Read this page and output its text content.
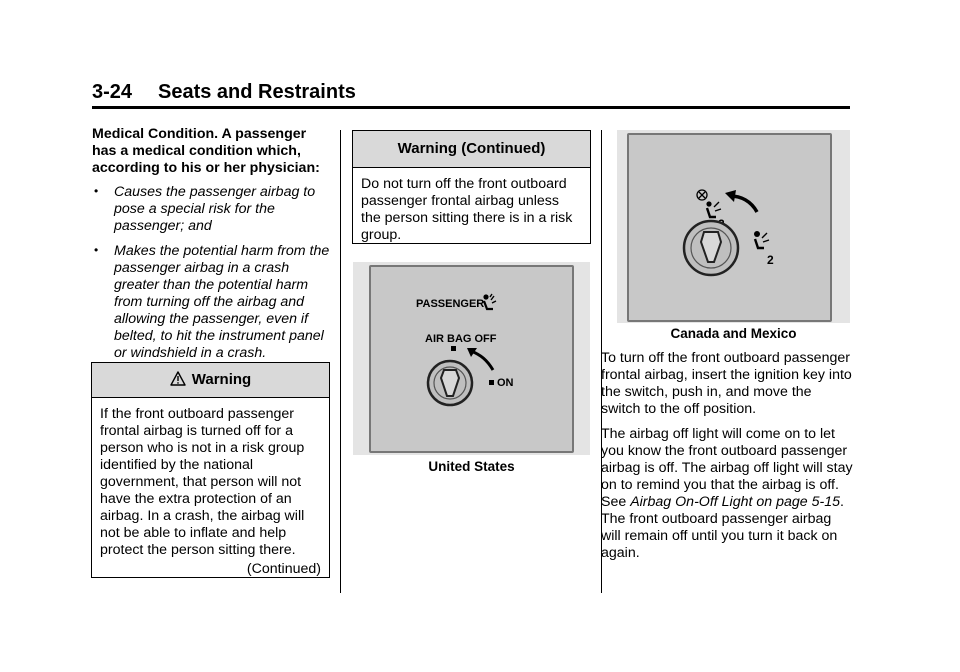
3-24 Seats and Restraints
Medical Condition. A passenger has a medical condition which, according to his or her physician:
• Causes the passenger airbag to pose a special risk for the passenger; and
• Makes the potential harm from the passenger airbag in a crash greater than the potential harm from turning off the airbag and allowing the passenger, even if belted, to hit the instrument panel or windshield in a crash.
Warning
If the front outboard passenger frontal airbag is turned off for a person who is not in a risk group identified by the national government, that person will not have the extra protection of an airbag. In a crash, the airbag will not be able to inflate and help protect the person sitting there.
(Continued)
Warning (Continued)
Do not turn off the front outboard passenger frontal airbag unless the person sitting there is in a risk group.
PASSENGER
AIR BAG OFF
ON
United States
2
Canada and Mexico

To turn off the front outboard passenger frontal airbag, insert the ignition key into the switch, push in, and move the switch to the off position.

The airbag off light will come on to let you know the front outboard passenger airbag is off. The airbag off light will stay on to remind you that the airbag is off. See Airbag On-Off Light on page 5-15. The front outboard passenger airbag will remain off until you turn it back on again.
